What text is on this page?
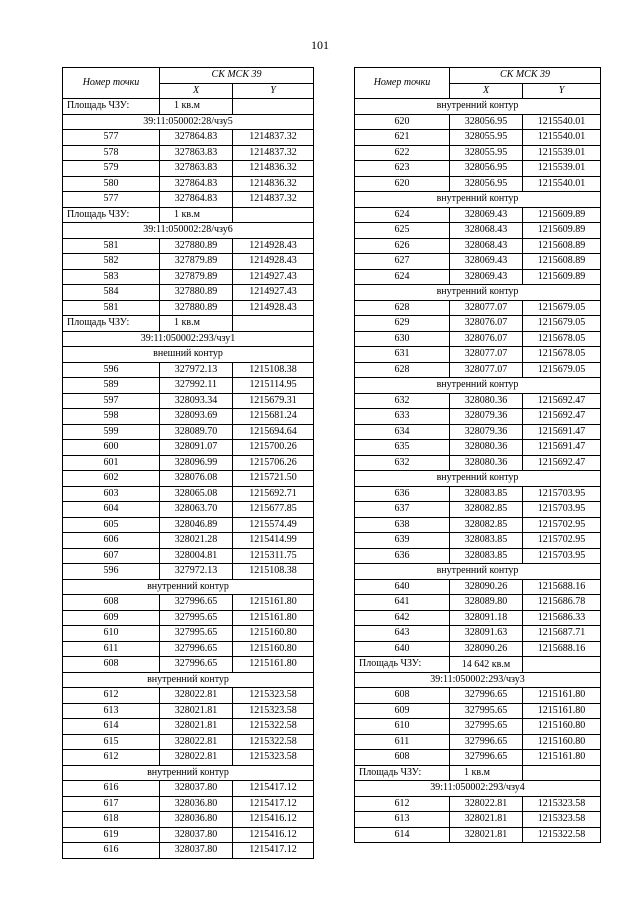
101
Номер точки	СК МСК 39	
	X	Y
Площадь ЧЗУ:	1 кв.м	
39:11:050002:28/чзу5		
577	327864.83	1214837.32
578	327863.83	1214837.32
579	327863.83	1214836.32
580	327864.83	1214836.32
577	327864.83	1214837.32
Площадь ЧЗУ:	1 кв.м	
39:11:050002:28/чзу6		
581	327880.89	1214928.43
582	327879.89	1214928.43
583	327879.89	1214927.43
584	327880.89	1214927.43
581	327880.89	1214928.43
Площадь ЧЗУ:	1 кв.м	
39:11:050002:293/чзу1		
внешний контур		
596	327972.13	1215108.38
589	327992.11	1215114.95
597	328093.34	1215679.31
598	328093.69	1215681.24
599	328089.70	1215694.64
600	328091.07	1215700.26
601	328096.99	1215706.26
602	328076.08	1215721.50
603	328065.08	1215692.71
604	328063.70	1215677.85
605	328046.89	1215574.49
606	328021.28	1215414.99
607	328004.81	1215311.75
596	327972.13	1215108.38
внутренний контур		
608	327996.65	1215161.80
609	327995.65	1215161.80
610	327995.65	1215160.80
611	327996.65	1215160.80
608	327996.65	1215161.80
внутренний контур		
612	328022.81	1215323.58
613	328021.81	1215323.58
614	328021.81	1215322.58
615	328022.81	1215322.58
612	328022.81	1215323.58
внутренний контур		
616	328037.80	1215417.12
617	328036.80	1215417.12
618	328036.80	1215416.12
619	328037.80	1215416.12
616	328037.80	1215417.12
Номер точки	СК МСК 39	
	X	Y
внутренний контур		
620	328056.95	1215540.01
621	328055.95	1215540.01
622	328055.95	1215539.01
623	328056.95	1215539.01
620	328056.95	1215540.01
внутренний контур		
624	328069.43	1215609.89
625	328068.43	1215609.89
626	328068.43	1215608.89
627	328069.43	1215608.89
624	328069.43	1215609.89
внутренний контур		
628	328077.07	1215679.05
629	328076.07	1215679.05
630	328076.07	1215678.05
631	328077.07	1215678.05
628	328077.07	1215679.05
внутренний контур		
632	328080.36	1215692.47
633	328079.36	1215692.47
634	328079.36	1215691.47
635	328080.36	1215691.47
632	328080.36	1215692.47
внутренний контур		
636	328083.85	1215703.95
637	328082.85	1215703.95
638	328082.85	1215702.95
639	328083.85	1215702.95
636	328083.85	1215703.95
внутренний контур		
640	328090.26	1215688.16
641	328089.80	1215686.78
642	328091.18	1215686.33
643	328091.63	1215687.71
640	328090.26	1215688.16
Площадь ЧЗУ:	14 642 кв.м	
39:11:050002:293/чзу3		
608	327996.65	1215161.80
609	327995.65	1215161.80
610	327995.65	1215160.80
611	327996.65	1215160.80
608	327996.65	1215161.80
Площадь ЧЗУ:	1 кв.м	
39:11:050002:293/чзу4		
612	328022.81	1215323.58
613	328021.81	1215323.58
614	328021.81	1215322.58
